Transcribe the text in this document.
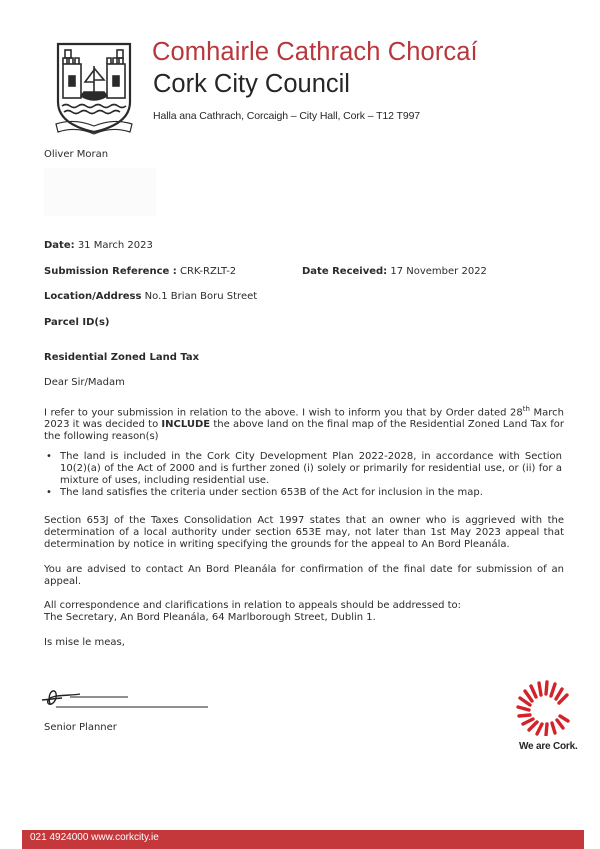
Comhairle Cathrach Chorcaí
Cork City Council
Halla ana Cathrach, Corcaigh – City Hall, Cork – T12 T997
Oliver Moran
Date: 31 March 2023
Submission Reference : CRK-RZLT-2	Date Received: 17 November 2022
Location/Address No.1 Brian Boru Street
Parcel ID(s)
Residential Zoned Land Tax
Dear Sir/Madam
I refer to your submission in relation to the above. I wish to inform you that by Order dated 28th March 2023 it was decided to INCLUDE the above land on the final map of the Residential Zoned Land Tax for the following reason(s)
• The land is included in the Cork City Development Plan 2022-2028, in accordance with Section 10(2)(a) of the Act of 2000 and is further zoned (i) solely or primarily for residential use, or (ii) for a mixture of uses, including residential use.
• The land satisfies the criteria under section 653B of the Act for inclusion in the map.
Section 653J of the Taxes Consolidation Act 1997 states that an owner who is aggrieved with the determination of a local authority under section 653E may, not later than 1st May 2023 appeal that determination by notice in writing specifying the grounds for the appeal to An Bord Pleanála.
You are advised to contact An Bord Pleanála for confirmation of the final date for submission of an appeal.
All correspondence and clarifications in relation to appeals should be addressed to:
The Secretary, An Bord Pleanála, 64 Marlborough Street, Dublin 1.
Is mise le meas,
Senior Planner
We are Cork.
021 4924000 www.corkcity.ie
